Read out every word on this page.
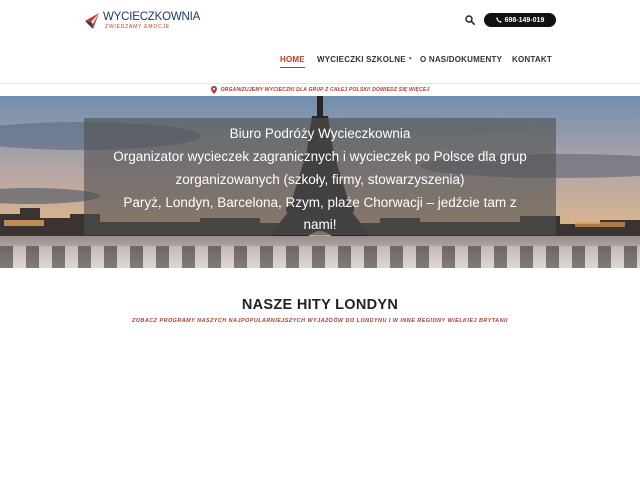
WYCIECZKOWNIA
ZWIEDZAMY EMOCJE
698-149-019
HOME WYCIECZKI SZKOLNE ▼ O NAS/DOKUMENTY KONTAKT
ORGANIZUJEMY WYCIECZKI DLA GRUP Z CAŁEJ POLSKI! DOWIEDZ SIĘ WIĘCEJ
Biuro Podróży Wycieczkownia
Organizator wycieczek zagranicznych i wycieczek po Polsce dla grup
zorganizowanych (szkoły, firmy, stowarzyszenia)
Paryż, Londyn, Barcelona, Rzym, plaże Chorwacji – jedźcie tam z
nami!
NASZE HITY LONDYN
ZOBACZ PROGRAMY NASZYCH NAJPOPULARNIEJSZYCH WYJAZDÓW DO LONDYNU I W INNE REGIONY WIELKIEJ BRYTANII
